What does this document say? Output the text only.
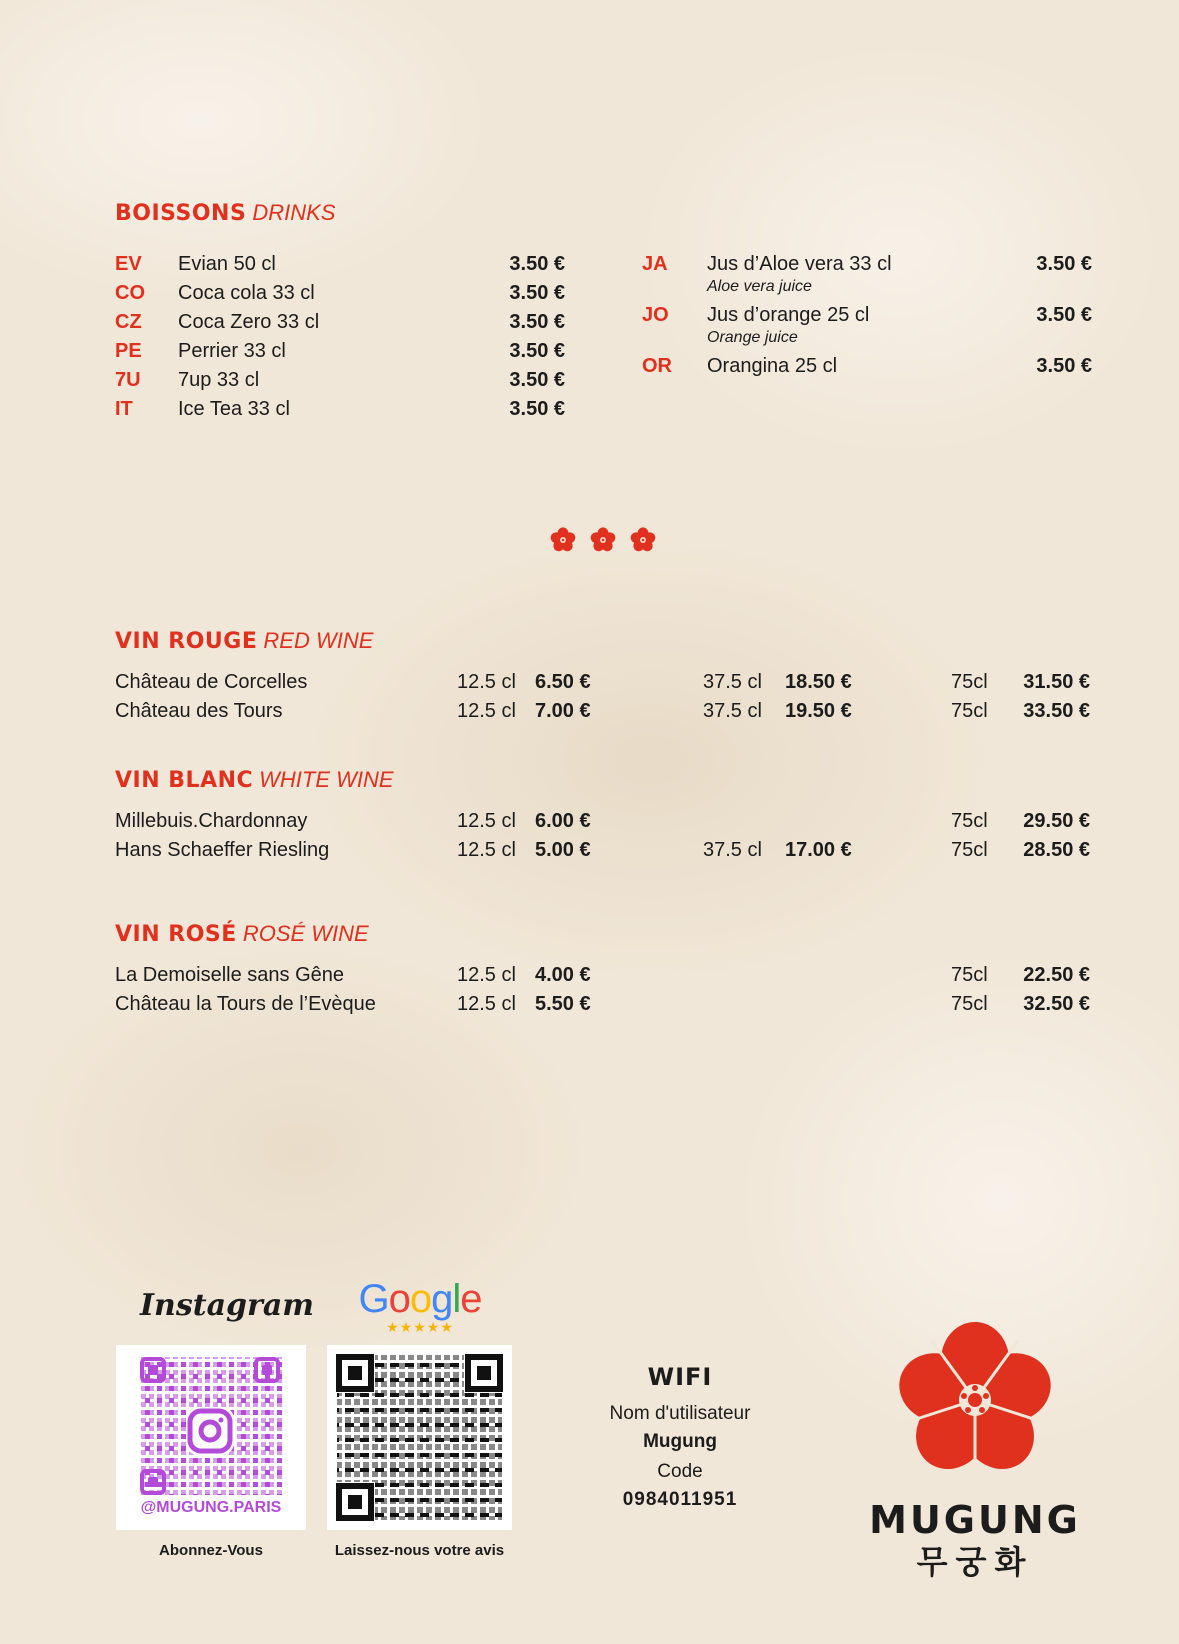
BOISSONS DRINKS
EV Evian 50 cl	3.50 €
CO Coca cola 33 cl	3.50 €
CZ Coca Zero 33 cl	3.50 €
PE Perrier 33 cl	3.50 €
7U 7up 33 cl	3.50 €
IT Ice Tea 33 cl	3.50 €
JA Jus d’Aloe vera 33 cl	3.50 €
Aloe vera juice
JO Jus d’orange 25 cl	3.50 €
Orange juice
OR Orangina 25 cl	3.50 €
VIN ROUGE RED WINE
Château de Corcelles	12.5 cl 6.50 €	37.5 cl 18.50 €	75cl 31.50 €
Château des Tours	12.5 cl 7.00 €	37.5 cl 19.50 €	75cl 33.50 €
VIN BLANC WHITE WINE
Millebuis.Chardonnay	12.5 cl 6.00 €	75cl 29.50 €
Hans Schaeffer Riesling	12.5 cl 5.00 €	37.5 cl 17.00 €	75cl 28.50 €
VIN ROSÉ ROSÉ WINE
La Demoiselle sans Gêne	12.5 cl 4.00 €	75cl 22.50 €
Château la Tours de l’Evèque	12.5 cl 5.50 €	75cl 32.50 €
Instagram	Google
★★★★★
@MUGUNG.PARIS
Abonnez-Vous	Laissez-nous votre avis
WIFI
Nom d'utilisateur
Mugung
Code
0984011951	MUGUNG
무궁화
